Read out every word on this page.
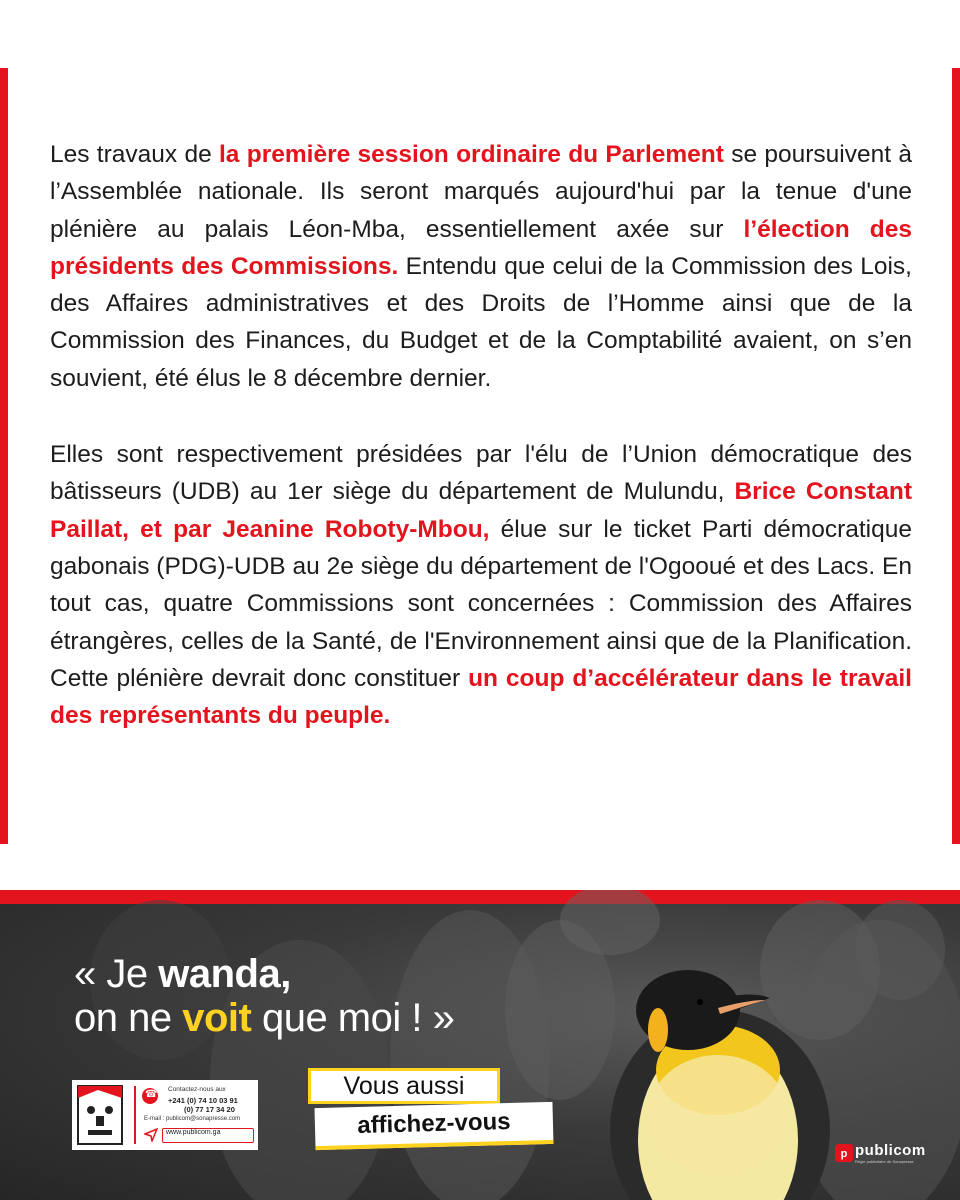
Les travaux de la première session ordinaire du Parlement se poursuivent à l’Assemblée nationale. Ils seront marqués aujourd'hui par la tenue d'une plénière au palais Léon-Mba, essentiellement axée sur l’élection des présidents des Commissions. Entendu que celui de la Commission des Lois, des Affaires administratives et des Droits de l’Homme ainsi que de la Commission des Finances, du Budget et de la Comptabilité avaient, on s’en souvient, été élus le 8 décembre dernier.

Elles sont respectivement présidées par l'élu de l’Union démocratique des bâtisseurs (UDB) au 1er siège du département de Mulundu, Brice Constant Paillat, et par Jeanine Roboty-Mbou, élue sur le ticket Parti démocratique gabonais (PDG)-UDB au 2e siège du département de l'Ogooué et des Lacs. En tout cas, quatre Commissions sont concernées : Commission des Affaires étrangères, celles de la Santé, de l'Environnement ainsi que de la Planification. Cette plénière devrait donc constituer un coup d’accélérateur dans le travail des représentants du peuple.

« Je wanda,
on ne voit que moi ! »
☎
Contactez-nous aux
+241 (0) 74 10 03 91
(0) 77 17 34 20
E-mail : publicom@sonapresse.com
www.publicom.ga
Vous aussi
affichez-vous
p publicom
Régie publicitaire de Sonapresse
